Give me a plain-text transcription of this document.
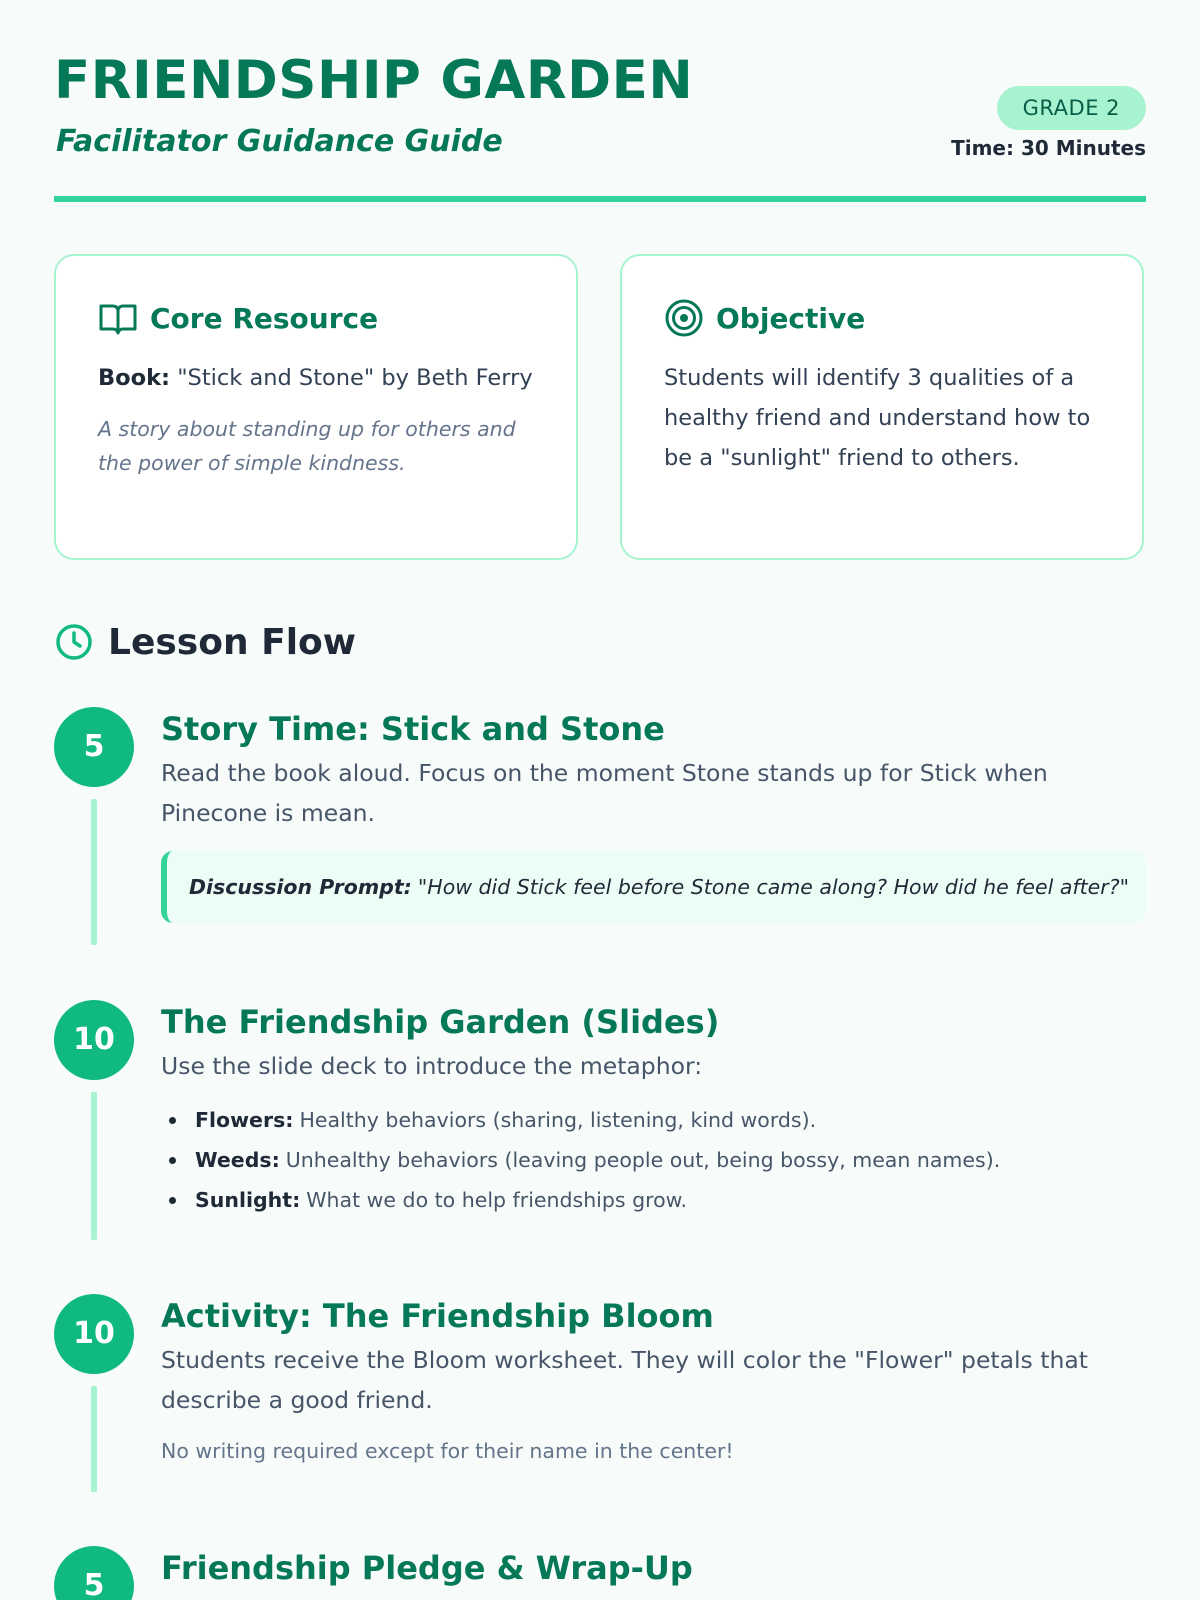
FRIENDSHIP GARDEN
Facilitator Guidance Guide
GRADE 2
Time: 30 Minutes
Core Resource
Book: "Stick and Stone" by Beth Ferry
A story about standing up for others and the power of simple kindness.
Objective
Students will identify 3 qualities of a healthy friend and understand how to be a "sunlight" friend to others.
Lesson Flow
5	Story Time: Stick and Stone
Read the book aloud. Focus on the moment Stone stands up for Stick when Pinecone is mean.
Discussion Prompt: "How did Stick feel before Stone came along? How did he feel after?"
10	The Friendship Garden (Slides)
Use the slide deck to introduce the metaphor:
Flowers: Healthy behaviors (sharing, listening, kind words).
Weeds: Unhealthy behaviors (leaving people out, being bossy, mean names).
Sunlight: What we do to help friendships grow.
10	Activity: The Friendship Bloom
Students receive the Bloom worksheet. They will color the "Flower" petals that describe a good friend.
No writing required except for their name in the center!
5	Friendship Pledge & Wrap-Up
